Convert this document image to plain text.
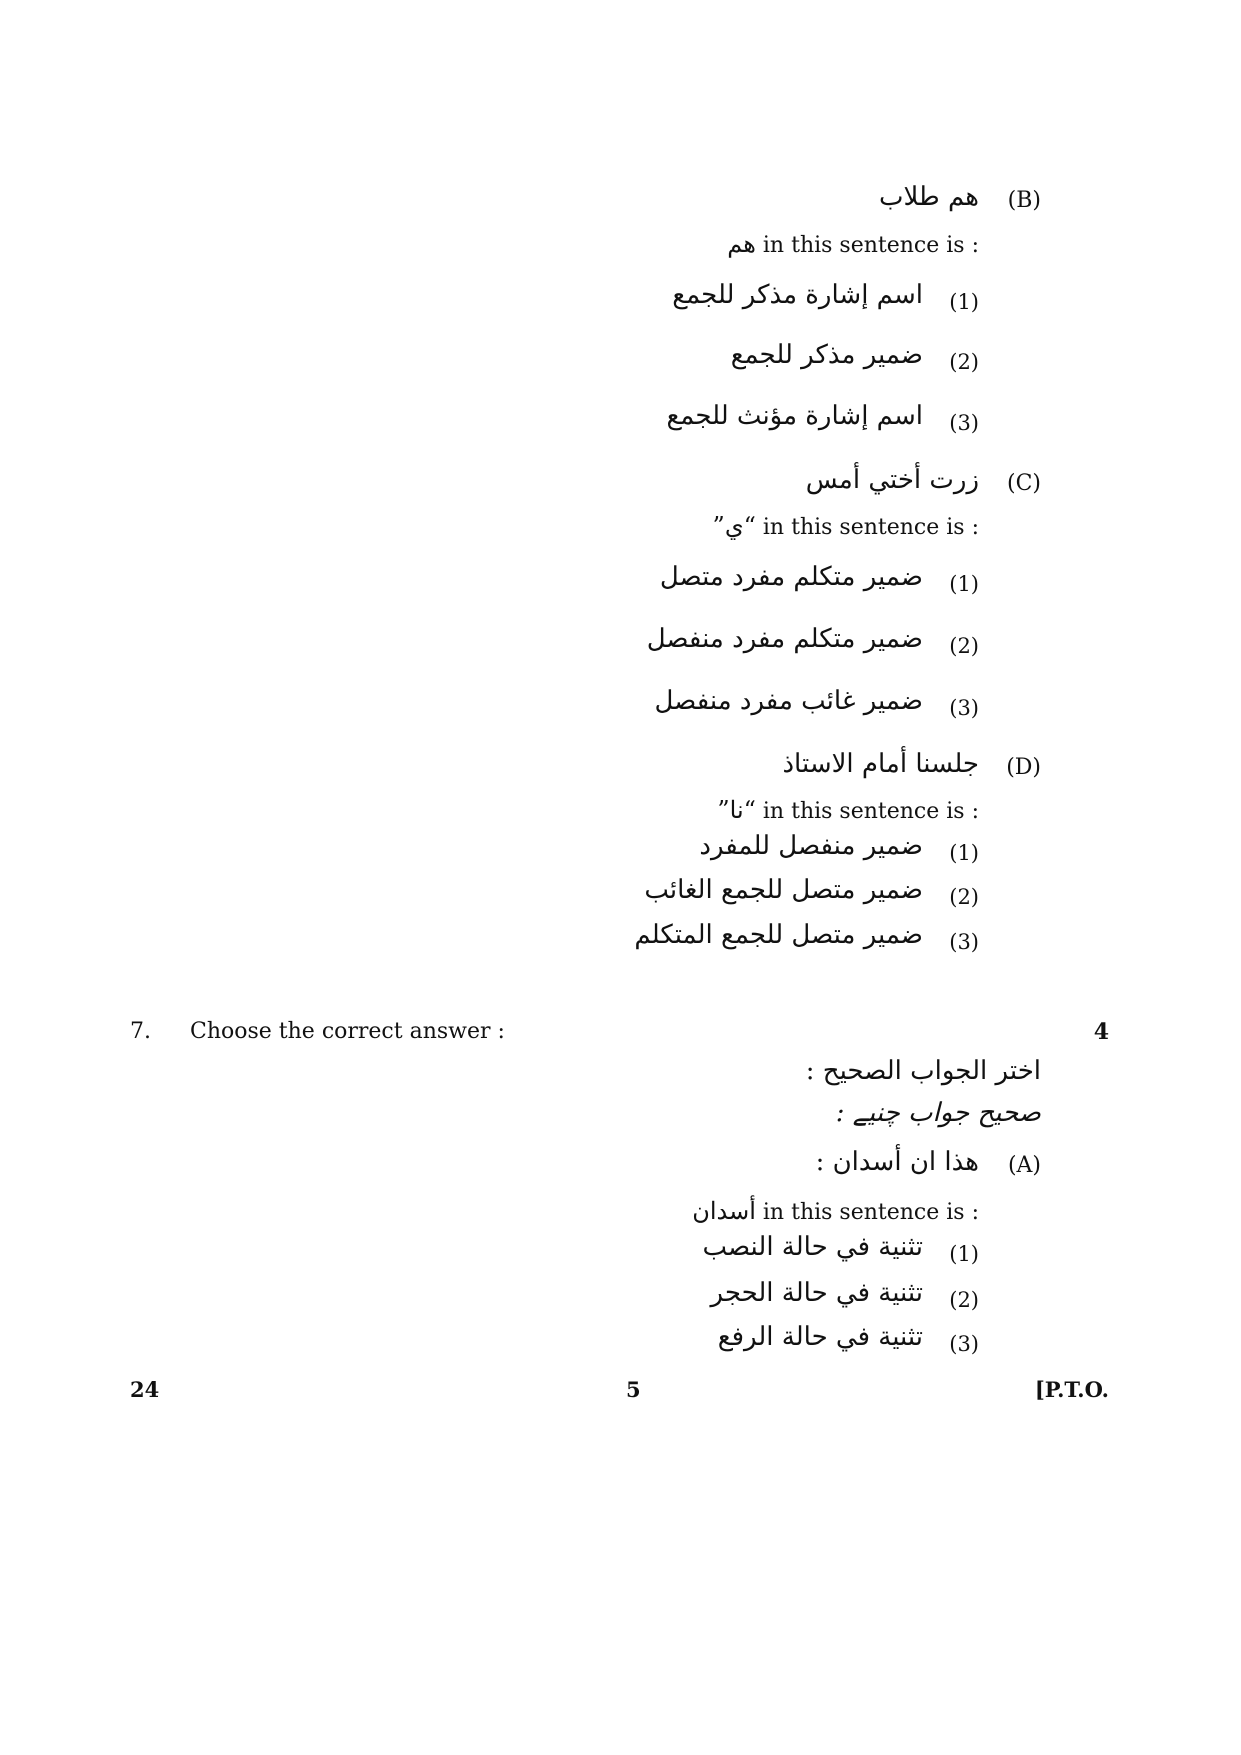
(B)
هم طلاب
هم in this sentence is :
(1)
اسم إشارة مذكر للجمع
(2)
ضمير مذكر للجمع
(3)
اسم إشارة مؤنث للجمع
(C)
زرت أختي أمس
”ي“ in this sentence is :
(1)
ضمير متكلم مفرد متصل
(2)
ضمير متكلم مفرد منفصل
(3)
ضمير غائب مفرد منفصل
(D)
جلسنا أمام الاستاذ
”نا“ in this sentence is :
(1)
ضمير منفصل للمفرد
(2)
ضمير متصل للجمع الغائب
(3)
ضمير متصل للجمع المتكلم
7. Choose the correct answer :	4
اختر الجواب الصحيح :
صحیح جواب چنیے :
(A)
هذا ان أسدان :
أسدان in this sentence is :
(1)
تثنية في حالة النصب
(2)
تثنية في حالة الحجر
(3)
تثنية في حالة الرفع
24	5	[P.T.O.
